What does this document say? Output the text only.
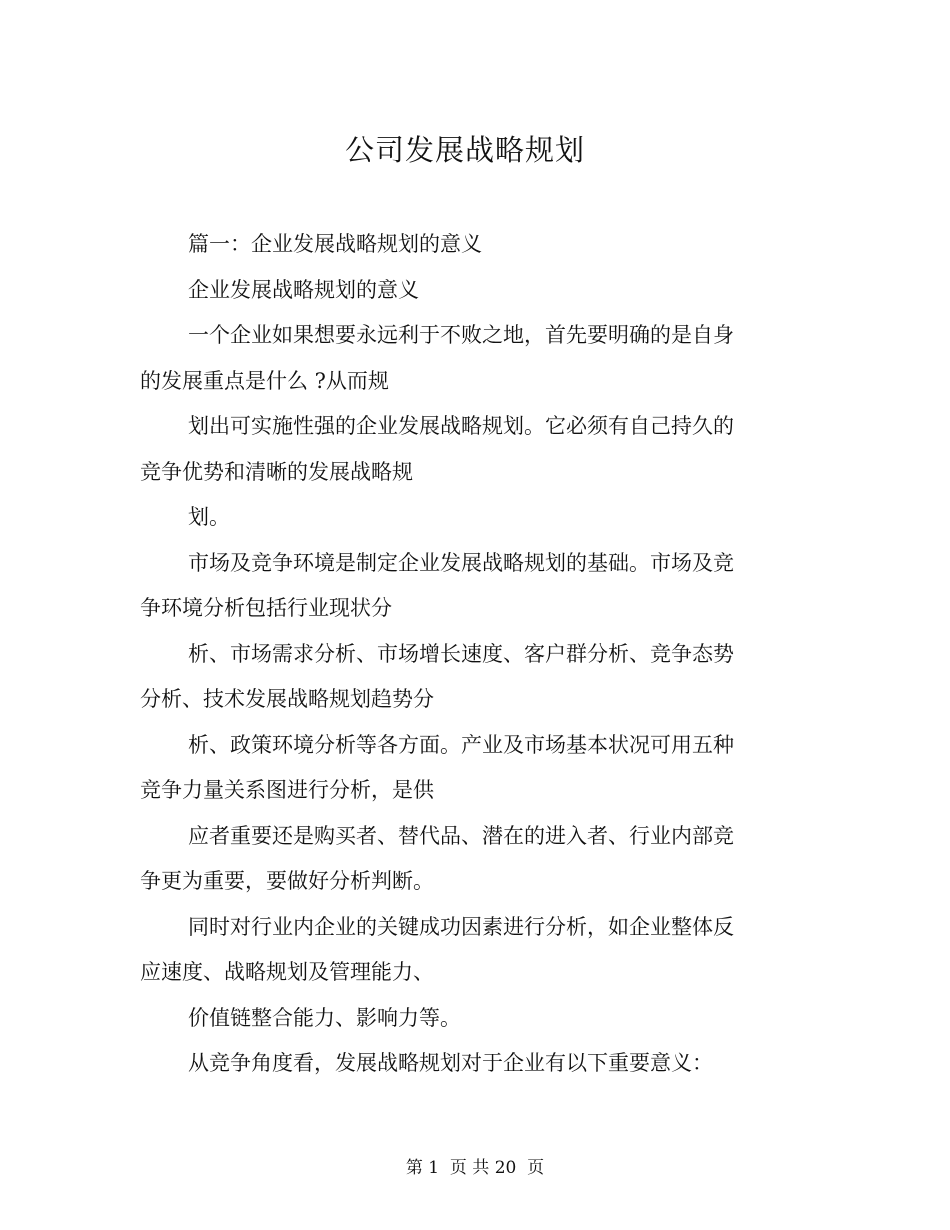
公司发展战略规划

篇一：企业发展战略规划的意义

企业发展战略规划的意义

一个企业如果想要永远利于不败之地，首先要明确的是自身的发展重点是什么 ?从而规

划出可实施性强的企业发展战略规划。它必须有自己持久的竞争优势和清晰的发展战略规

划。

市场及竞争环境是制定企业发展战略规划的基础。市场及竞争环境分析包括行业现状分

析、市场需求分析、市场增长速度、客户群分析、竞争态势分析、技术发展战略规划趋势分

析、政策环境分析等各方面。产业及市场基本状况可用五种竞争力量关系图进行分析，是供

应者重要还是购买者、替代品、潜在的进入者、行业内部竞争更为重要，要做好分析判断。

同时对行业内企业的关键成功因素进行分析，如企业整体反应速度、战略规划及管理能力、

价值链整合能力、影响力等。

从竞争角度看，发展战略规划对于企业有以下重要意义：

第 1  页 共 20  页
